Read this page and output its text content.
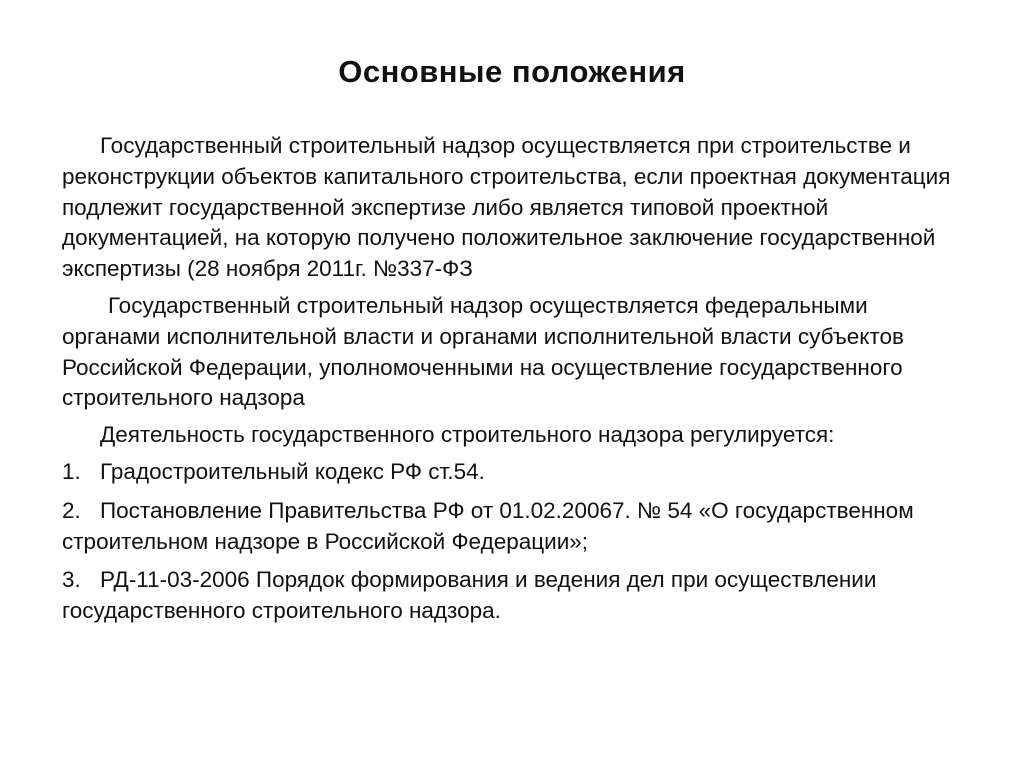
Основные положения

Государственный строительный надзор осуществляется при строительстве и реконструкции объектов капитального строительства, если проектная документация подлежит государственной экспертизе либо является типовой проектной документацией, на которую получено положительное заключение государственной экспертизы (28 ноября 2011г. №337-ФЗ

Государственный строительный надзор осуществляется федеральными органами исполнительной власти и органами исполнительной власти субъектов Российской Федерации, уполномоченными на осуществление государственного строительного надзора

Деятельность государственного строительного надзора регулируется:

1. Градостроительный кодекс РФ ст.54.

2. Постановление Правительства РФ от 01.02.20067. № 54 «О государственном строительном надзоре в Российской Федерации»;

3. РД-11-03-2006 Порядок формирования и ведения дел при осуществлении государственного строительного надзора.
